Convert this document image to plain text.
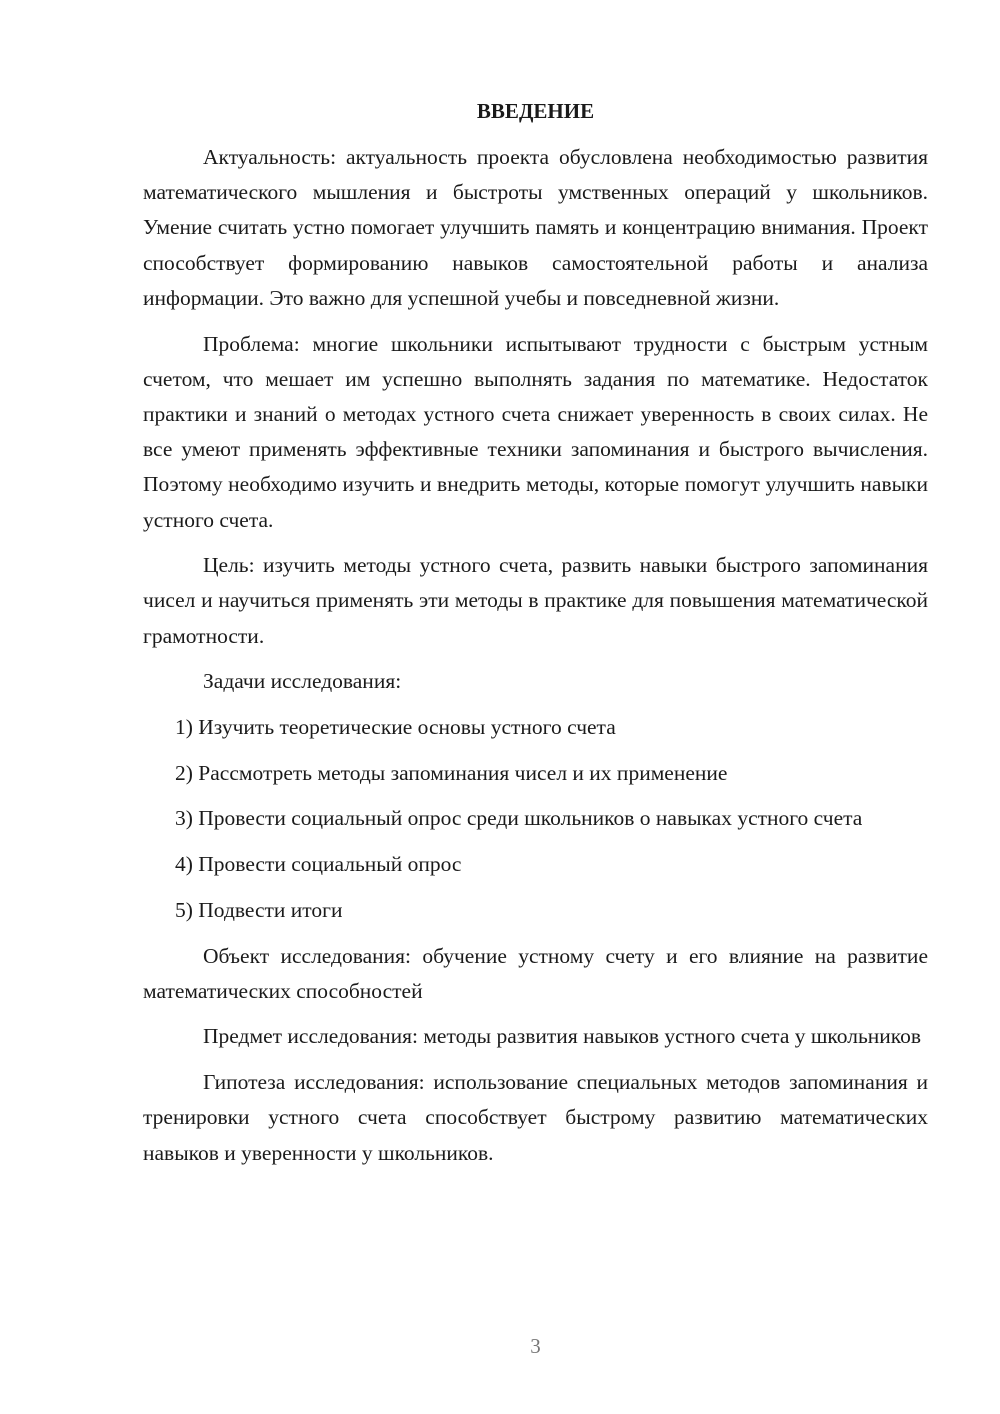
ВВЕДЕНИЕ

Актуальность: актуальность проекта обусловлена необходимостью развития математического мышления и быстроты умственных операций у школьников. Умение считать устно помогает улучшить память и концентрацию внимания. Проект способствует формированию навыков самостоятельной работы и анализа информации. Это важно для успешной учебы и повседневной жизни.

Проблема: многие школьники испытывают трудности с быстрым устным счетом, что мешает им успешно выполнять задания по математике. Недостаток практики и знаний о методах устного счета снижает уверенность в своих силах. Не все умеют применять эффективные техники запоминания и быстрого вычисления. Поэтому необходимо изучить и внедрить методы, которые помогут улучшить навыки устного счета.

Цель: изучить методы устного счета, развить навыки быстрого запоминания чисел и научиться применять эти методы в практике для повышения математической грамотности.

Задачи исследования:

1) Изучить теоретические основы устного счета

2) Рассмотреть методы запоминания чисел и их применение

3) Провести социальный опрос среди школьников о навыках устного счета

4) Провести социальный опрос

5) Подвести итоги

Объект исследования: обучение устному счету и его влияние на развитие математических способностей

Предмет исследования: методы развития навыков устного счета у школьников

Гипотеза исследования: использование специальных методов запоминания и тренировки устного счета способствует быстрому развитию математических навыков и уверенности у школьников.

3
